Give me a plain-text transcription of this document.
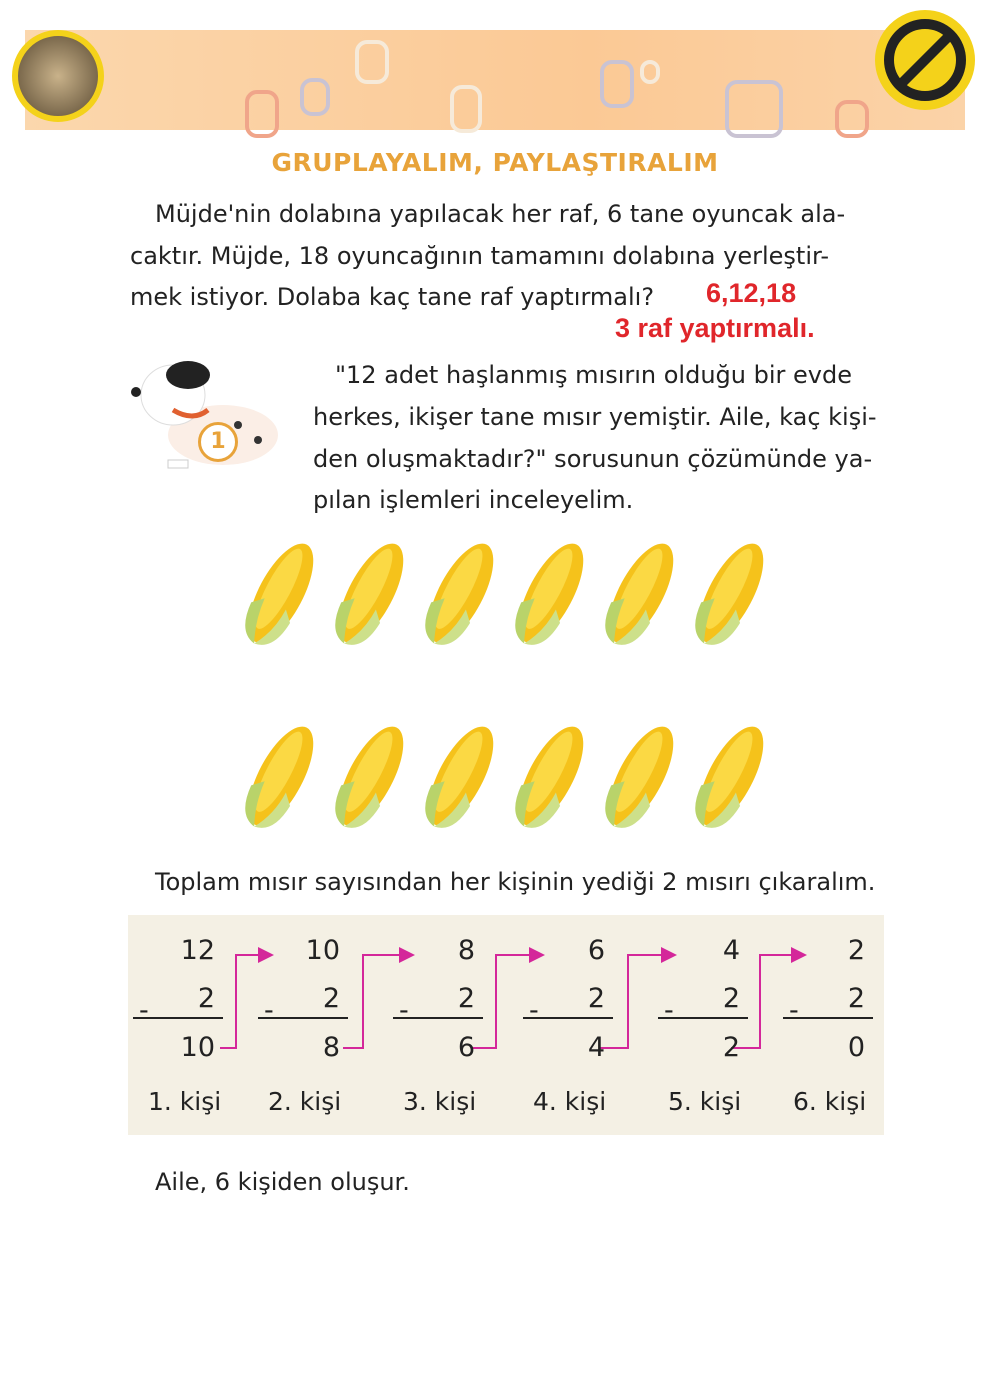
GRUPLAYALIM, PAYLAŞTIRALIM
Müjde'nin dolabına yapılacak her raf, 6 tane oyuncak ala-
caktır. Müjde, 18 oyuncağının tamamını dolabına yerleştir-
mek istiyor. Dolaba kaç tane raf yaptırmalı? 6,12,18
3 raf yaptırmalı.
1
"12 adet haşlanmış mısırın olduğu bir evde
herkes, ikişer tane mısır yemiştir. Aile, kaç kişi-
den oluşmaktadır?" sorusunun çözümünde ya-
pılan işlemleri inceleyelim.
Toplam mısır sayısından her kişinin yediği 2 mısırı çıkaralım.
12
- 2
10
1. kişi
10
- 2
8
2. kişi
8
- 2
6
3. kişi
6
- 2
4
4. kişi
4
- 2
2
5. kişi
2
- 2
0
6. kişi
Aile, 6 kişiden oluşur.
